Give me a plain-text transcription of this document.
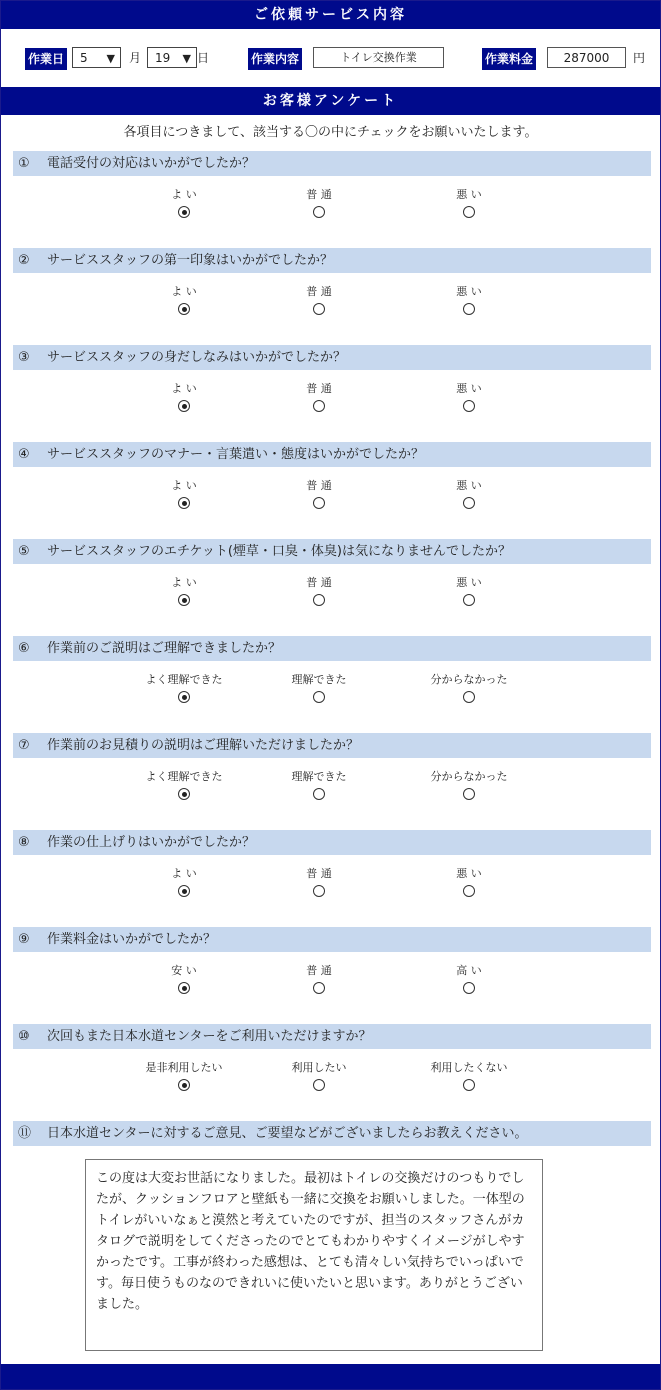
ご依頼サービス内容
作業日 5 ▼ 月 19 ▼ 日	作業内容	トイレ交換作業	作業料金	287000	円
お客様アンケート
各項目につきまして、該当する〇の中にチェックをお願いいたします。
① 電話受付の対応はいかがでしたか？
よ い	普 通	悪 い
② サービススタッフの第一印象はいかがでしたか？
よ い	普 通	悪 い
③ サービススタッフの身だしなみはいかがでしたか？
よ い	普 通	悪 い
④ サービススタッフのマナー・言葉遣い・態度はいかがでしたか？
よ い	普 通	悪 い
⑤ サービススタッフのエチケット(煙草・口臭・体臭)は気になりませんでしたか？
よ い	普 通	悪 い
⑥ 作業前のご説明はご理解できましたか？
よく理解できた	理解できた	分からなかった
⑦ 作業前のお見積りの説明はご理解いただけましたか？
よく理解できた	理解できた	分からなかった
⑧ 作業の仕上げりはいかがでしたか？
よ い	普 通	悪 い
⑨ 作業料金はいかがでしたか？
安 い	普 通	高 い
⑩ 次回もまた日本水道センターをご利用いただけますか？
是非利用したい	利用したい	利用したくない
⑪ 日本水道センターに対するご意見、ご要望などがございましたらお教えください。
この度は大変お世話になりました。最初はトイレの交換だけのつもりでしたが、クッションフロアと壁紙も一緒に交換をお願いしました。一体型のトイレがいいなぁと漠然と考えていたのですが、担当のスタッフさんがカタログで説明をしてくださったのでとてもわかりやすくイメージがしやすかったです。工事が終わった感想は、とても清々しい気持ちでいっぱいです。毎日使うものなのできれいに使いたいと思います。ありがとうございました。
